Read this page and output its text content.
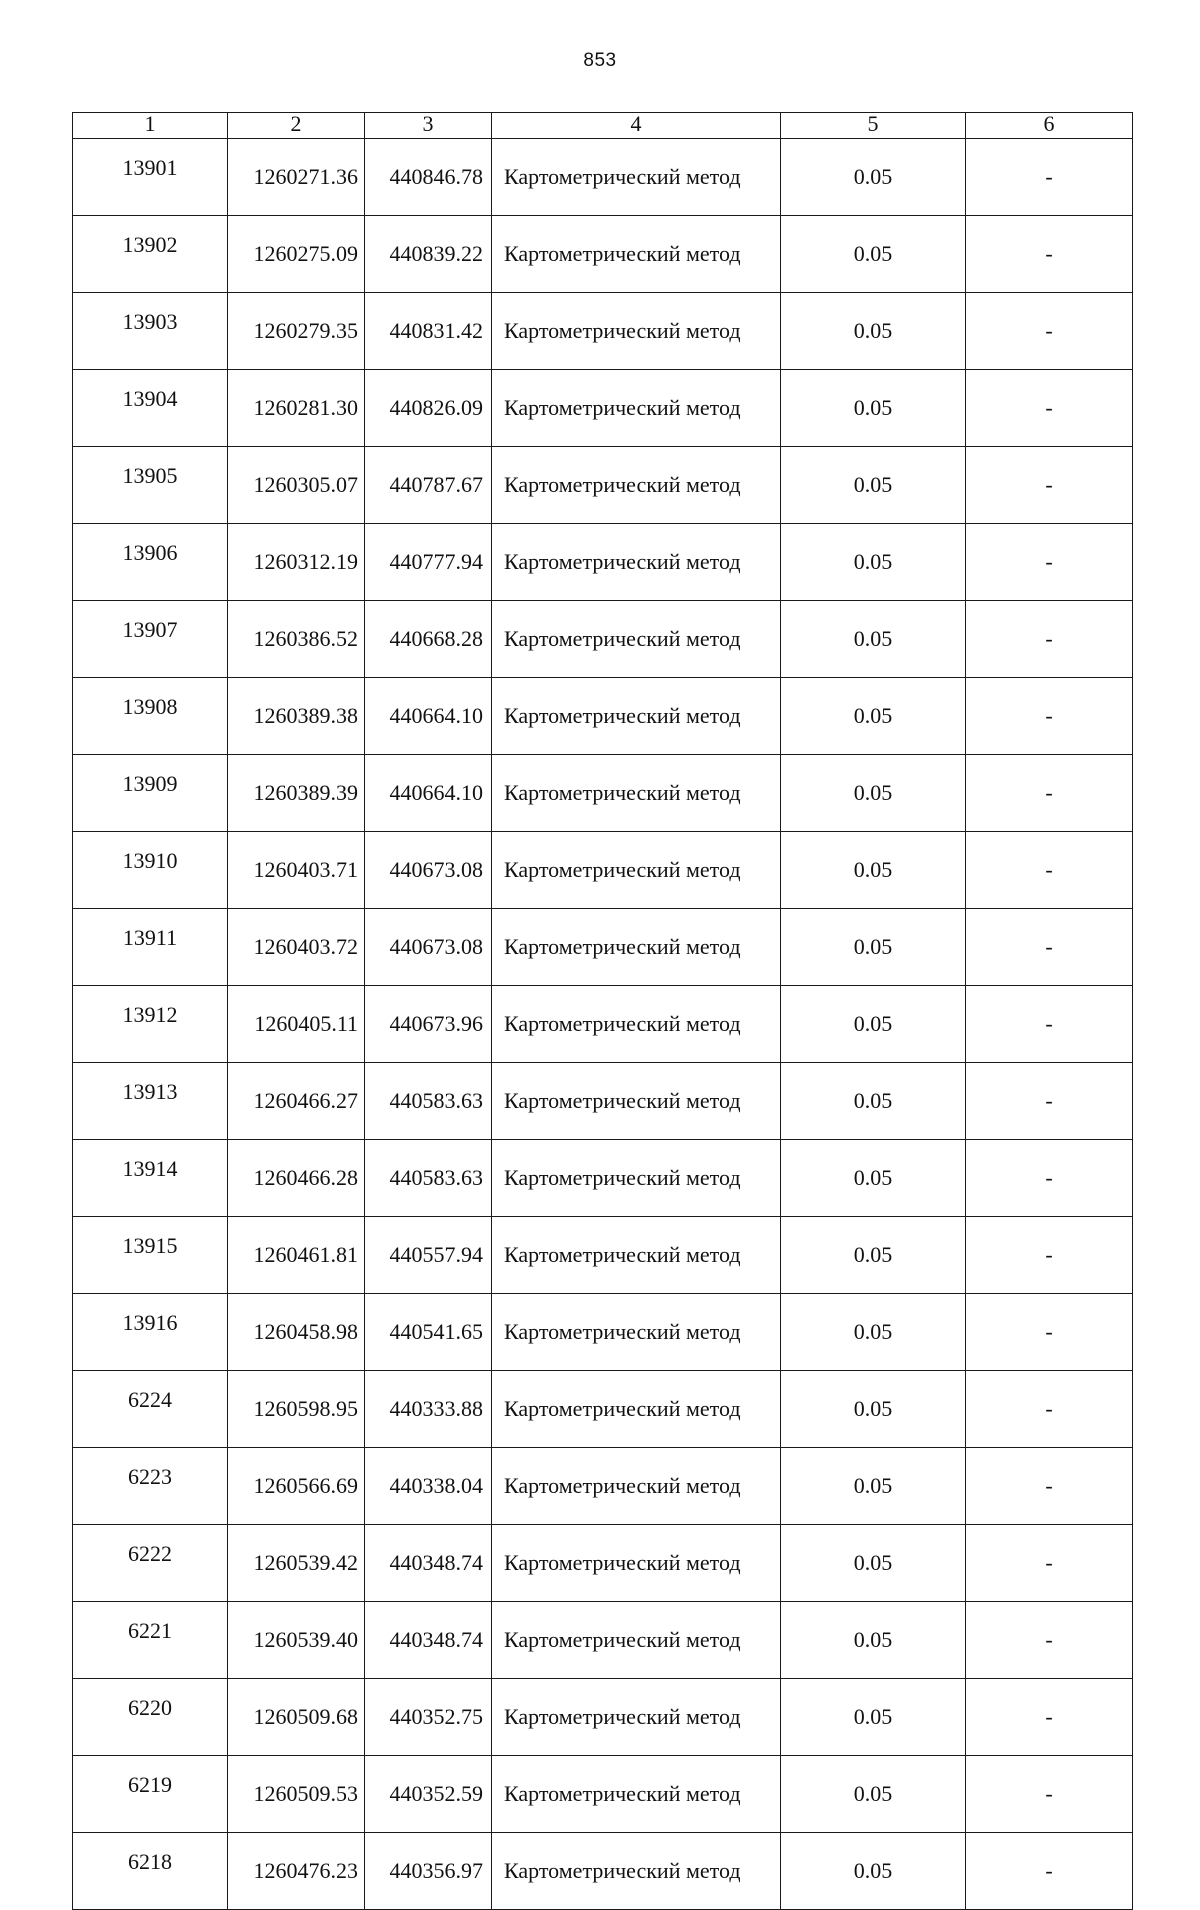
853
1	2	3	4	5	6
13901	1260271.36	440846.78	Картометрический метод	0.05	-
13902	1260275.09	440839.22	Картометрический метод	0.05	-
13903	1260279.35	440831.42	Картометрический метод	0.05	-
13904	1260281.30	440826.09	Картометрический метод	0.05	-
13905	1260305.07	440787.67	Картометрический метод	0.05	-
13906	1260312.19	440777.94	Картометрический метод	0.05	-
13907	1260386.52	440668.28	Картометрический метод	0.05	-
13908	1260389.38	440664.10	Картометрический метод	0.05	-
13909	1260389.39	440664.10	Картометрический метод	0.05	-
13910	1260403.71	440673.08	Картометрический метод	0.05	-
13911	1260403.72	440673.08	Картометрический метод	0.05	-
13912	1260405.11	440673.96	Картометрический метод	0.05	-
13913	1260466.27	440583.63	Картометрический метод	0.05	-
13914	1260466.28	440583.63	Картометрический метод	0.05	-
13915	1260461.81	440557.94	Картометрический метод	0.05	-
13916	1260458.98	440541.65	Картометрический метод	0.05	-
6224	1260598.95	440333.88	Картометрический метод	0.05	-
6223	1260566.69	440338.04	Картометрический метод	0.05	-
6222	1260539.42	440348.74	Картометрический метод	0.05	-
6221	1260539.40	440348.74	Картометрический метод	0.05	-
6220	1260509.68	440352.75	Картометрический метод	0.05	-
6219	1260509.53	440352.59	Картометрический метод	0.05	-
6218	1260476.23	440356.97	Картометрический метод	0.05	-
